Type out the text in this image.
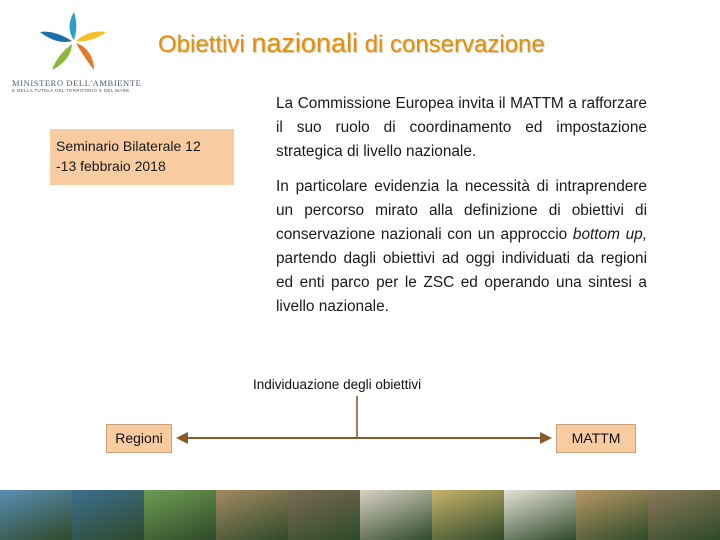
MINISTERO DELL'AMBIENTE
E DELLA TUTELA DEL TERRITORIO E DEL MARE
Obiettivi nazionali di conservazione
Seminario Bilaterale 12
-13 febbraio 2018

La Commissione Europea invita il MATTM a rafforzare il suo ruolo di coordinamento ed impostazione strategica di livello nazionale.

In particolare evidenzia la necessità di intraprendere un percorso mirato alla definizione di obiettivi di conservazione nazionali con un approccio bottom up, partendo dagli obiettivi ad oggi individuati da regioni ed enti parco per le ZSC ed operando una sintesi a livello nazionale.

Individuazione degli obiettivi
Regioni	MATTM
